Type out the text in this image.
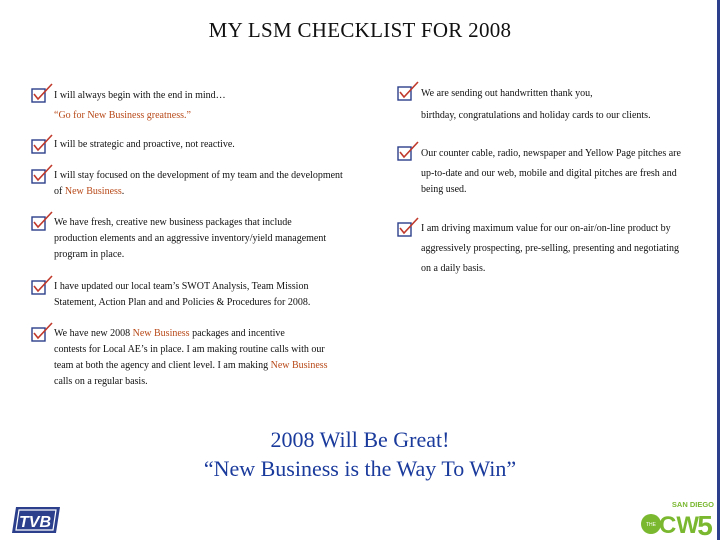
MY LSM CHECKLIST FOR 2008
I will always begin with the end in mind…
“Go for New Business greatness.”
I will be strategic and proactive, not reactive.
I will stay focused on the development of my team and the development
of New Business.
We have fresh, creative new business packages that include
production elements and an aggressive inventory/yield management
program in place.
I have updated our local team’s SWOT Analysis, Team Mission
Statement, Action Plan and and Policies & Procedures for 2008.
We have new 2008 New Business packages and incentive
contests for Local AE’s in place. I am making routine calls with our
team at both the agency and client level. I am making New Business
calls on a regular basis.
We are sending out handwritten thank you,
birthday, congratulations and holiday cards to our clients.
Our counter cable, radio, newspaper and Yellow Page pitches are
up-to-date and our web, mobile and digital pitches are fresh and
being used.
I am driving maximum value for our on-air/on-line product by
aggressively prospecting, pre-selling, presenting and negotiating
on a daily basis.
2008 Will Be Great!
“New Business is the Way To Win”
TVB
SAN DIEGO
THE CW
5
